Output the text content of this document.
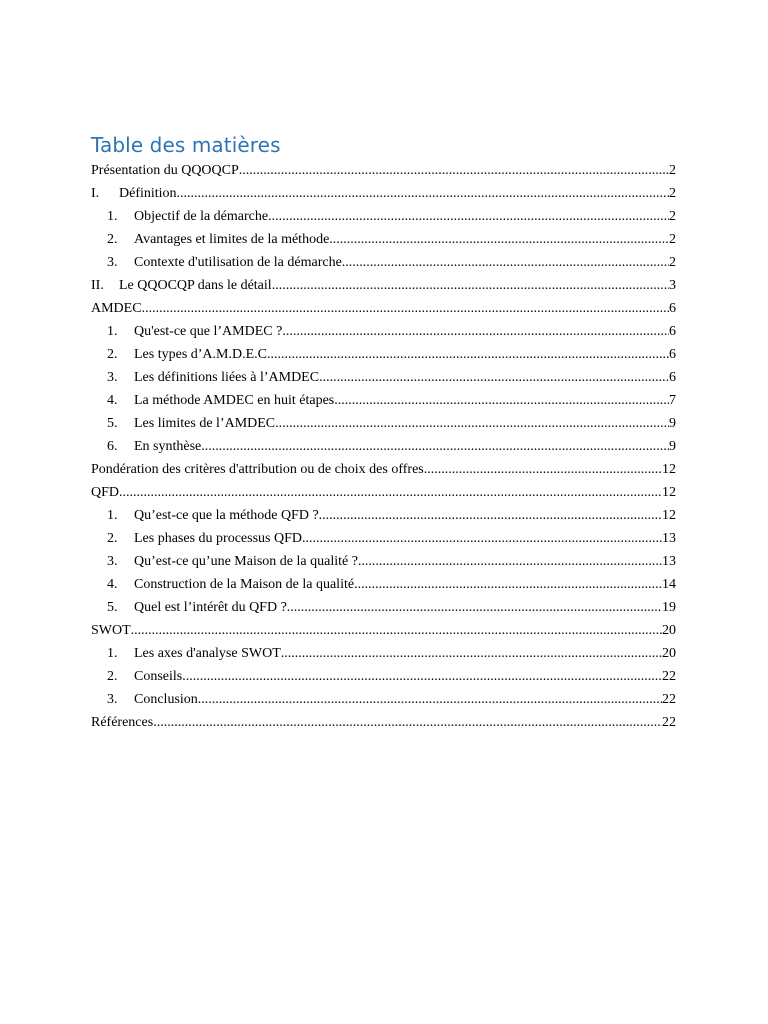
Table des matières
Présentation du QQOQCP .....	2
I.	Définition .....	2
1.	Objectif de la démarche .....	2
2.	Avantages et limites de la méthode .....	2
3.	Contexte d'utilisation de la démarche .....	2
II.	Le QQOCQP dans le détail .....	3
AMDEC .....	6
1.	Qu'est-ce que l’AMDEC ? .....	6
2.	Les types d’A.M.D.E.C .....	6
3.	Les définitions liées à l’AMDEC .....	6
4.	La méthode AMDEC en huit étapes .....	7
5.	Les limites de l’AMDEC .....	9
6.	En synthèse .....	9
Pondération des critères d'attribution ou de choix des offres .....	12
QFD .....	12
1.	Qu’est-ce que la méthode QFD ? .....	12
2.	Les phases du processus QFD .....	13
3.	Qu’est-ce qu’une Maison de la qualité ? .....	13
4.	Construction de la Maison de la qualité .....	14
5.	Quel est l’intérêt du QFD ? .....	19
SWOT .....	20
1.	Les axes d'analyse SWOT .....	20
2.	Conseils .....	22
3.	Conclusion .....	22
Références .....	22
